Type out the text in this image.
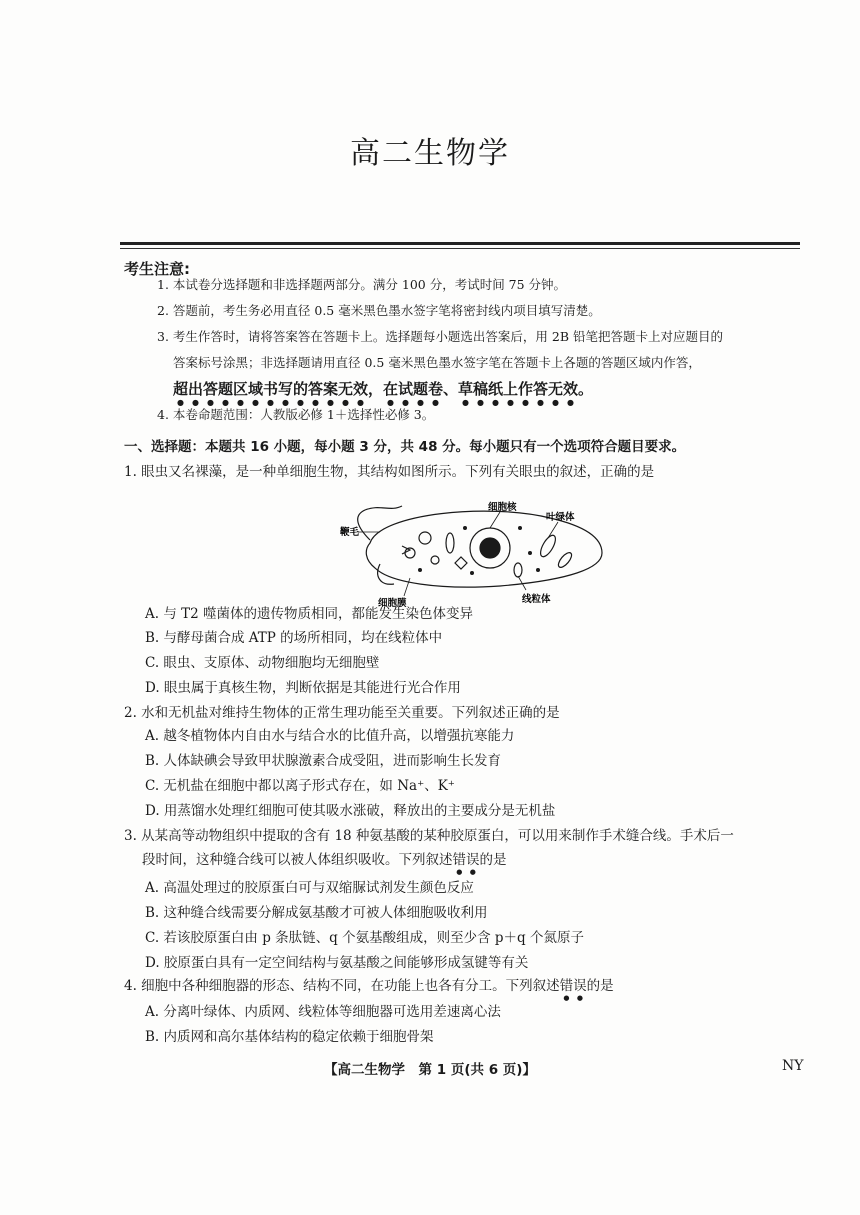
高二生物学
考生注意:
1. 本试卷分选择题和非选择题两部分。满分 100 分，考试时间 75 分钟。
2. 答题前，考生务必用直径 0.5 毫米黑色墨水签字笔将密封线内项目填写清楚。
3. 考生作答时，请将答案答在答题卡上。选择题每小题选出答案后，用 2B 铅笔把答题卡上对应题目的
答案标号涂黑；非选择题请用直径 0.5 毫米黑色墨水签字笔在答题卡上各题的答题区域内作答，
超出答题区域书写的答案无效，在试题卷、草稿纸上作答无效。
4. 本卷命题范围：人教版必修 1＋选择性必修 3。
一、选择题：本题共 16 小题，每小题 3 分，共 48 分。每小题只有一个选项符合题目要求。
1. 眼虫又名裸藻，是一种单细胞生物，其结构如图所示。下列有关眼虫的叙述，正确的是
鞭毛
细胞核
叶绿体
线粒体
细胞膜
A. 与 T2 噬菌体的遗传物质相同，都能发生染色体变异
B. 与酵母菌合成 ATP 的场所相同，均在线粒体中
C. 眼虫、支原体、动物细胞均无细胞壁
D. 眼虫属于真核生物，判断依据是其能进行光合作用
2. 水和无机盐对维持生物体的正常生理功能至关重要。下列叙述正确的是
A. 越冬植物体内自由水与结合水的比值升高，以增强抗寒能力
B. 人体缺碘会导致甲状腺激素合成受阻，进而影响生长发育
C. 无机盐在细胞中都以离子形式存在，如 Na⁺、K⁺
D. 用蒸馏水处理红细胞可使其吸水涨破，释放出的主要成分是无机盐
3. 从某高等动物组织中提取的含有 18 种氨基酸的某种胶原蛋白，可以用来制作手术缝合线。手术后一
段时间，这种缝合线可以被人体组织吸收。下列叙述错误的是
A. 高温处理过的胶原蛋白可与双缩脲试剂发生颜色反应
B. 这种缝合线需要分解成氨基酸才可被人体细胞吸收利用
C. 若该胶原蛋白由 p 条肽链、q 个氨基酸组成，则至少含 p＋q 个氮原子
D. 胶原蛋白具有一定空间结构与氨基酸之间能够形成氢键等有关
4. 细胞中各种细胞器的形态、结构不同，在功能上也各有分工。下列叙述错误的是
A. 分离叶绿体、内质网、线粒体等细胞器可选用差速离心法
B. 内质网和高尔基体结构的稳定依赖于细胞骨架
【高二生物学　第 1 页(共 6 页)】	NY
